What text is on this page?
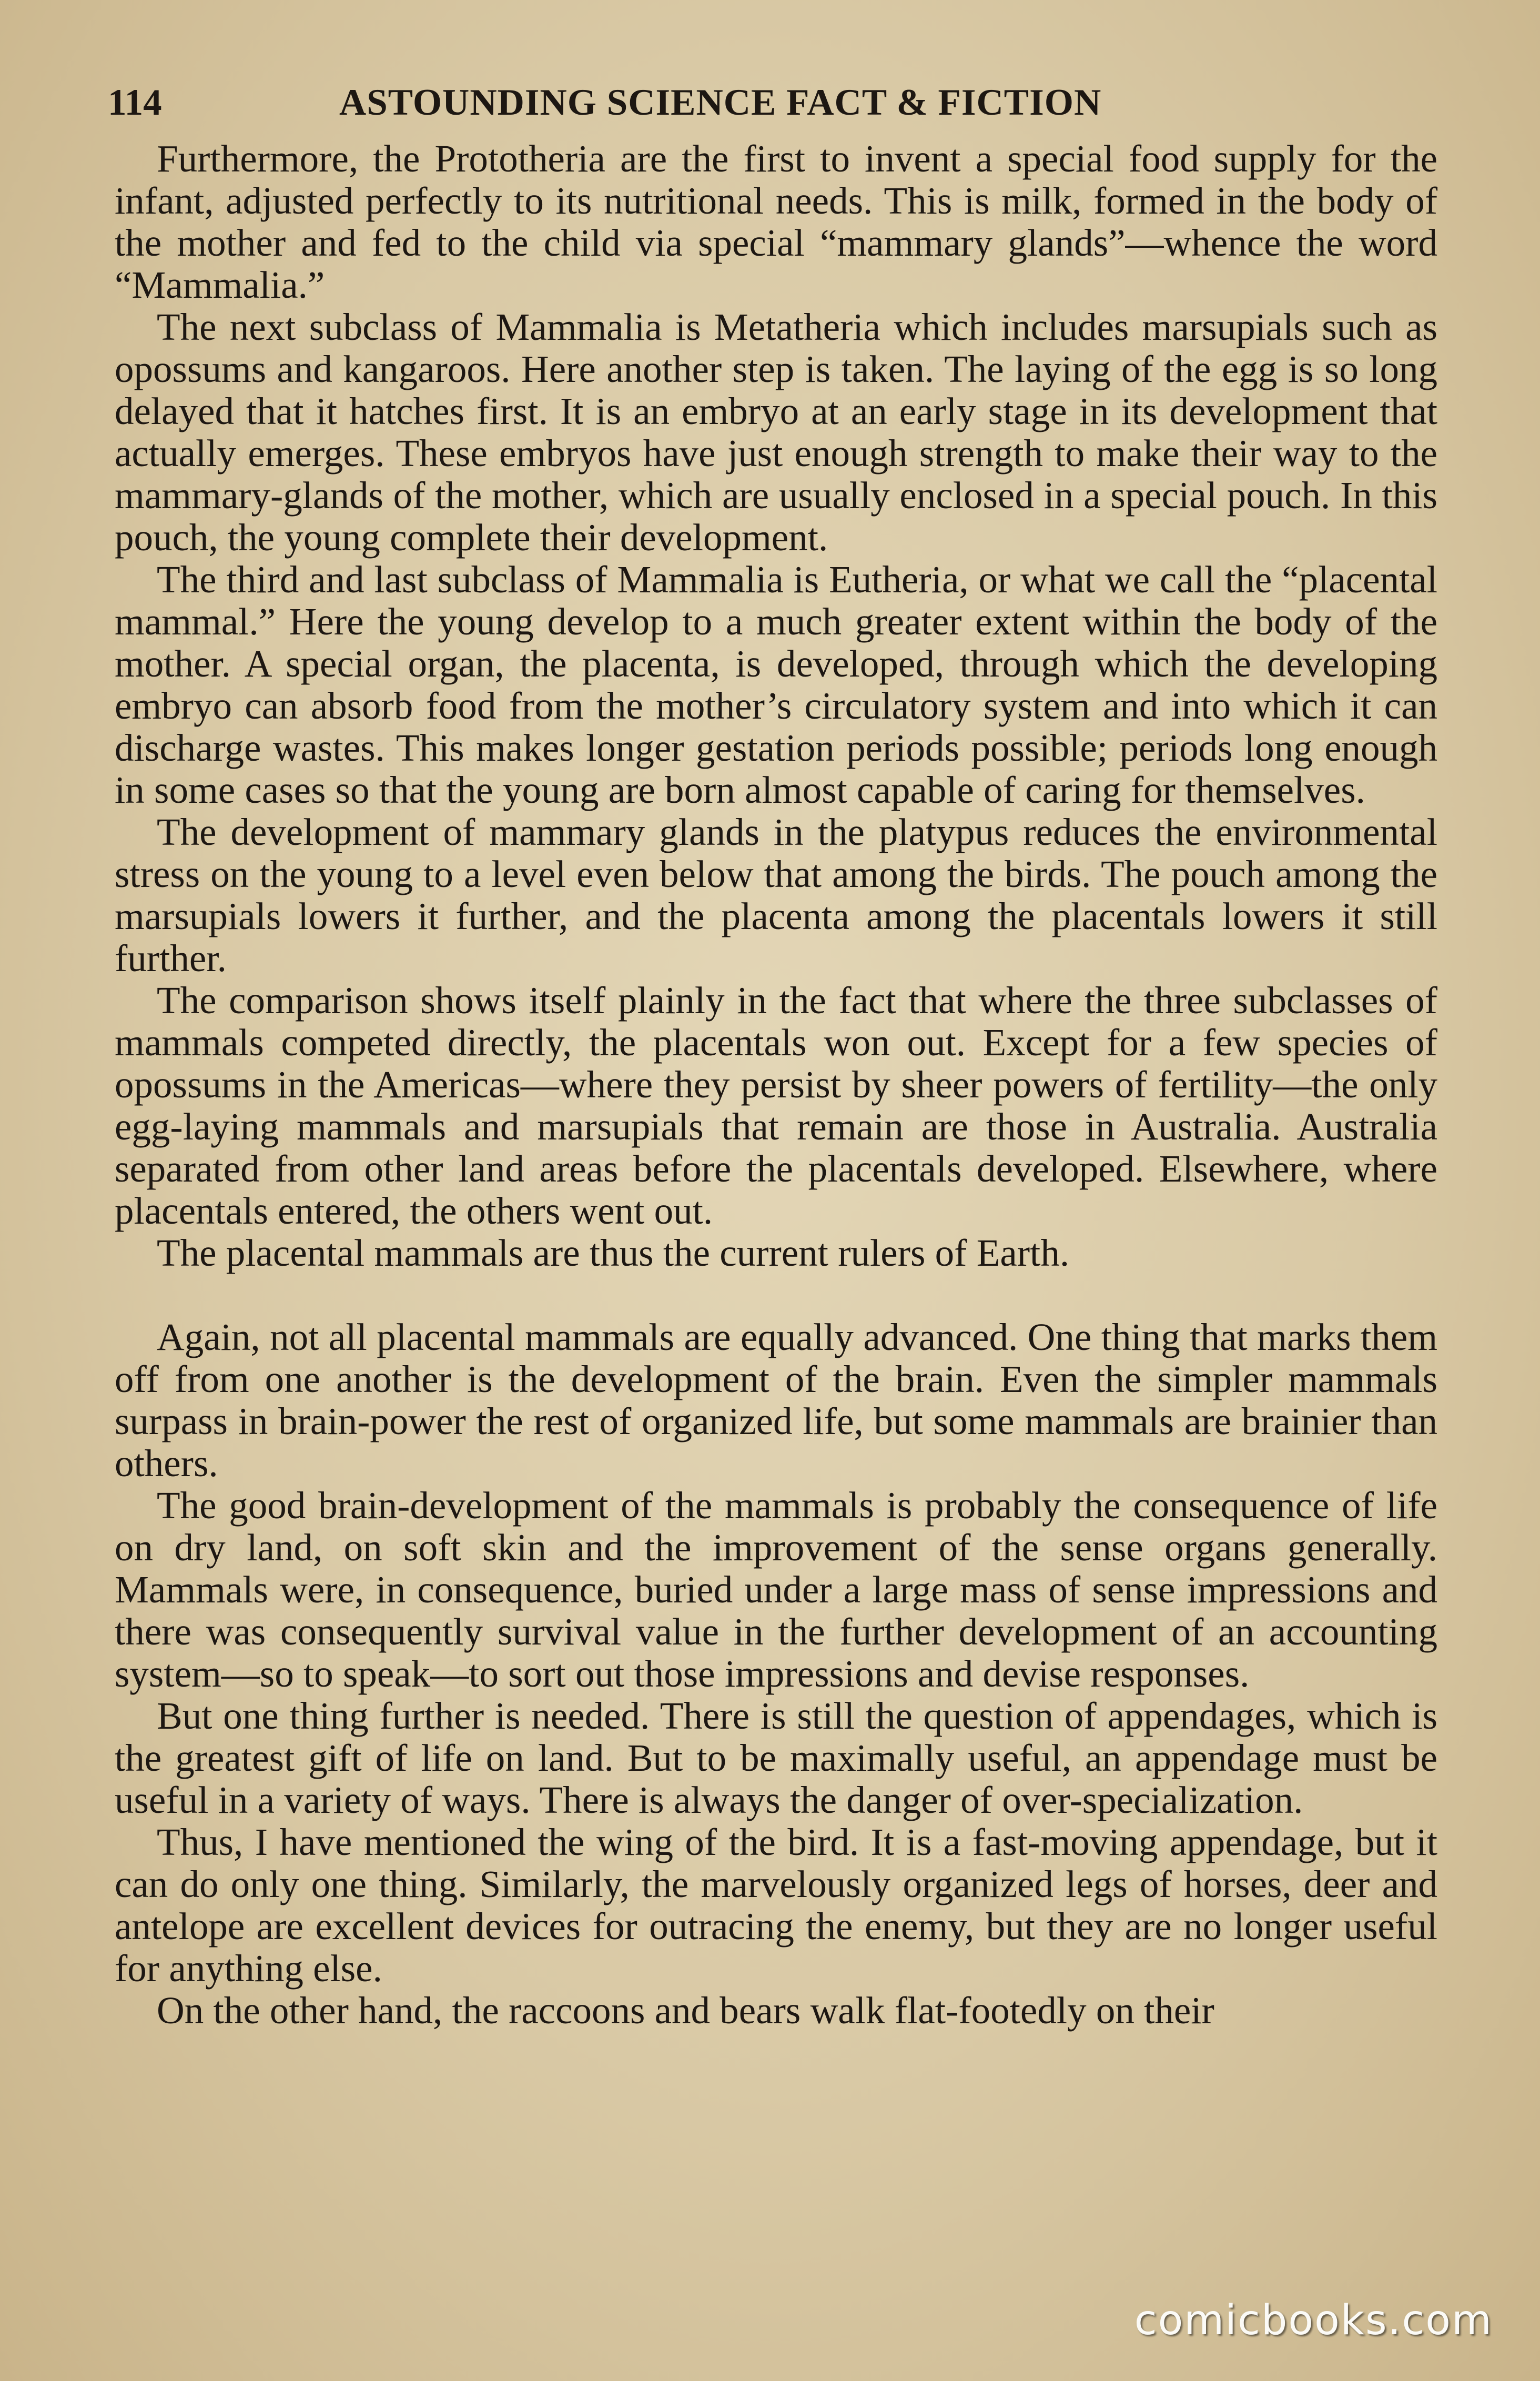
114	ASTOUNDING SCIENCE FACT & FICTION

Furthermore, the Prototheria are the first to invent a special food supply for the infant, adjusted perfectly to its nutritional needs. This is milk, formed in the body of the mother and fed to the child via special “mammary glands”—whence the word “Mammalia.”

The next subclass of Mammalia is Metatheria which includes marsupials such as opossums and kangaroos. Here another step is taken. The laying of the egg is so long delayed that it hatches first. It is an embryo at an early stage in its development that actually emerges. These embryos have just enough strength to make their way to the mammary-glands of the mother, which are usually enclosed in a special pouch. In this pouch, the young complete their development.

The third and last subclass of Mammalia is Eutheria, or what we call the “placental mammal.” Here the young develop to a much greater extent within the body of the mother. A special organ, the placenta, is developed, through which the developing embryo can absorb food from the mother’s circulatory system and into which it can discharge wastes. This makes longer gestation periods possible; periods long enough in some cases so that the young are born almost capable of caring for themselves.

The development of mammary glands in the platypus reduces the environmental stress on the young to a level even below that among the birds. The pouch among the marsupials lowers it further, and the placenta among the placentals lowers it still further.

The comparison shows itself plainly in the fact that where the three subclasses of mammals competed directly, the placentals won out. Except for a few species of opossums in the Americas—where they persist by sheer powers of fertility—the only egg-laying mammals and marsupials that remain are those in Australia. Australia separated from other land areas before the placentals developed. Elsewhere, where placentals entered, the others went out.

The placental mammals are thus the current rulers of Earth.

Again, not all placental mammals are equally advanced. One thing that marks them off from one another is the development of the brain. Even the simpler mammals surpass in brain-power the rest of organized life, but some mammals are brainier than others.

The good brain-development of the mammals is probably the consequence of life on dry land, on soft skin and the improvement of the sense organs generally. Mammals were, in consequence, buried under a large mass of sense impressions and there was consequently survival value in the further development of an accounting system—so to speak—to sort out those impressions and devise responses.

But one thing further is needed. There is still the question of appendages, which is the greatest gift of life on land. But to be maximally useful, an appendage must be useful in a variety of ways. There is always the danger of over-specialization.

Thus, I have mentioned the wing of the bird. It is a fast-moving appendage, but it can do only one thing. Similarly, the marvelously organized legs of horses, deer and antelope are excellent devices for outracing the enemy, but they are no longer useful for anything else.

On the other hand, the raccoons and bears walk flat-footedly on their

comicbooks.com
